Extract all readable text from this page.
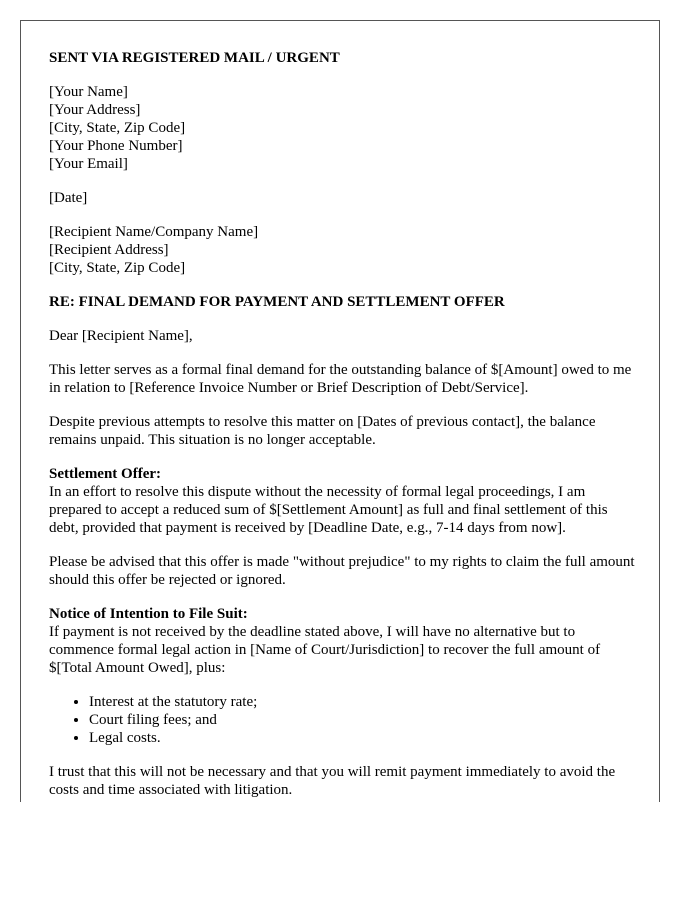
SENT VIA REGISTERED MAIL / URGENT

[Your Name]
[Your Address]
[City, State, Zip Code]
[Your Phone Number]
[Your Email]

[Date]

[Recipient Name/Company Name]
[Recipient Address]
[City, State, Zip Code]

RE: FINAL DEMAND FOR PAYMENT AND SETTLEMENT OFFER

Dear [Recipient Name],

This letter serves as a formal final demand for the outstanding balance of $[Amount] owed to me in relation to [Reference Invoice Number or Brief Description of Debt/Service].

Despite previous attempts to resolve this matter on [Dates of previous contact], the balance remains unpaid. This situation is no longer acceptable.

Settlement Offer:
In an effort to resolve this dispute without the necessity of formal legal proceedings, I am prepared to accept a reduced sum of $[Settlement Amount] as full and final settlement of this debt, provided that payment is received by [Deadline Date, e.g., 7-14 days from now].

Please be advised that this offer is made "without prejudice" to my rights to claim the full amount should this offer be rejected or ignored.

Notice of Intention to File Suit:
If payment is not received by the deadline stated above, I will have no alternative but to commence formal legal action in [Name of Court/Jurisdiction] to recover the full amount of $[Total Amount Owed], plus:

• Interest at the statutory rate;
• Court filing fees; and
• Legal costs.

I trust that this will not be necessary and that you will remit payment immediately to avoid the costs and time associated with litigation.
